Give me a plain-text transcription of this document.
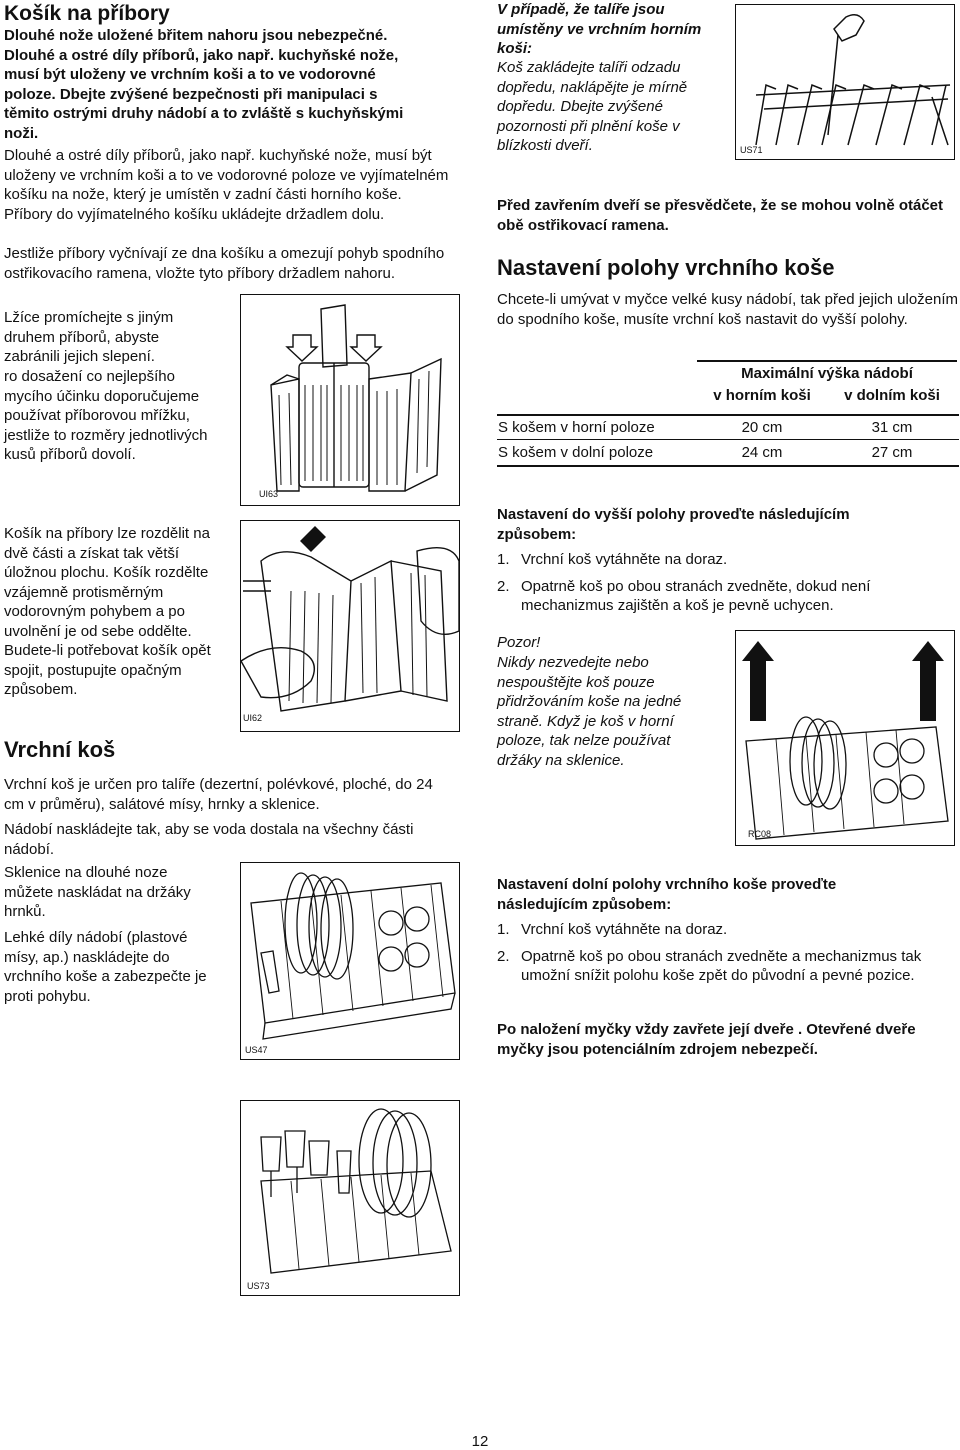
Košík na příbory

Dlouhé nože uložené břitem nahoru jsou nebezpečné. Dlouhé a ostré díly příborů, jako např. kuchyňské nože, musí být uloženy ve vrchním koši a to ve vodorovné poloze. Dbejte zvýšené bezpečnosti při manipulaci s těmito ostrými druhy nádobí a to zvláště s kuchyňskými noži.

Dlouhé a ostré díly příborů, jako např. kuchyňské nože, musí být uloženy ve vrchním koši a to ve vodorovné poloze ve vyjímatelném košíku na nože, který je umístěn v zadní části horního koše. Příbory do vyjímatelného košíku ukládejte držadlem dolu.

Jestliže příbory vyčnívají ze dna košíku a omezují pohyb spodního ostřikovacího ramena, vložte tyto příbory držadlem nahoru.

Lžíce promíchejte s jiným druhem příborů, abyste zabránili jejich slepení.

ro dosažení co nejlepšího mycího účinku doporučujeme používat příborovou mřížku, jestliže to rozměry jednotlivých kusů příborů dovolí.

Košík na příbory lze rozdělit na dvě části a získat tak větší úložnou plochu. Košík rozdělte vzájemně protisměrným vodorovným pohybem a po uvolnění je od sebe oddělte. Budete-li potřebovat košík opět spojit, postupujte opačným způsobem.

Vrchní koš

Vrchní koš je určen pro talíře (dezertní, polévkové, ploché, do 24 cm v průměru), salátové mísy, hrnky a sklenice.

Nádobí naskládejte tak, aby se voda dostala na všechny části nádobí.

Sklenice na dlouhé noze můžete naskládat na držáky hrnků.

Lehké díly nádobí (plastové mísy, ap.) naskládejte do vrchního koše a zabezpečte je proti pohybu.

UI63
UI62
US47
US73

V případě, že talíře jsou umístěny ve vrchním horním koši:

Koš zakládejte talíři odzadu dopředu, naklápějte je mírně dopředu. Dbejte zvýšené pozornosti při plnění koše v blízkosti dveří.	US71

Před zavřením dveří se přesvědčete, že se mohou volně otáčet obě ostřikovací ramena.

Nastavení polohy vrchního koše

Chcete-li umývat v myčce velké kusy nádobí, tak před jejich uložením do spodního koše, musíte vrchní koš nastavit do vyšší polohy.

Maximální výška nádobí
v horním koši	v dolním koši
S košem v horní poloze	20 cm	31 cm
S košem v dolní poloze	24 cm	27 cm

Nastavení do vyšší polohy proveďte následujícím způsobem:

1. Vrchní koš vytáhněte na doraz.
2. Opatrně koš po obou stranách zvedněte, dokud není mechanizmus zajištěn a koš je pevně uchycen.

Pozor!

Nikdy nezvedejte nebo nespouštějte koš pouze přidržováním koše na jedné straně. Když je koš v horní poloze, tak nelze používat držáky na sklenice.

RC08

Nastavení dolní polohy vrchního koše proveďte následujícím způsobem:

1. Vrchní koš vytáhněte na doraz.
2. Opatrně koš po obou stranách zvedněte a mechanizmus tak umožní snížit polohu koše zpět do původní a pevné pozice.

Po naložení myčky vždy zavřete její dveře . Otevřené dveře myčky jsou potenciálním zdrojem nebezpečí.

12
